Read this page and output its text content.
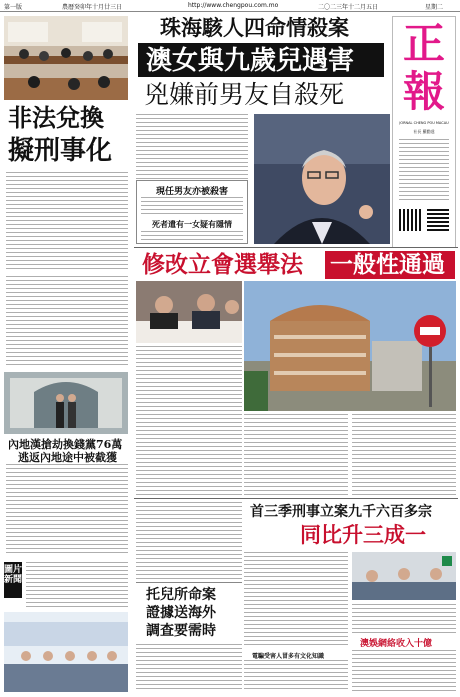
第一版	農曆癸卯年十月廿三日	http://www.chengpou.com.mo	二〇二三年十二月五日	星期二
非法兌換
擬刑事化
珠海駭人四命情殺案
澳女與九歲兒遇害
兇嫌前男友自殺死
正
報
JORNAL CHENG POU MACAU
社長 羅勤達
現任男友亦被殺害
死者遺有一女疑有隱情
修改立會選舉法 一般性通過
內地漢搶劫換錢黨76萬
逃返內地途中被截獲
圖片新聞
首三季刑事立案九千六百多宗
同比升三成一
托兒所命案
證據送海外
調查要需時
澳娛網絡收入十億
電騙受害人冒多有文化知識
